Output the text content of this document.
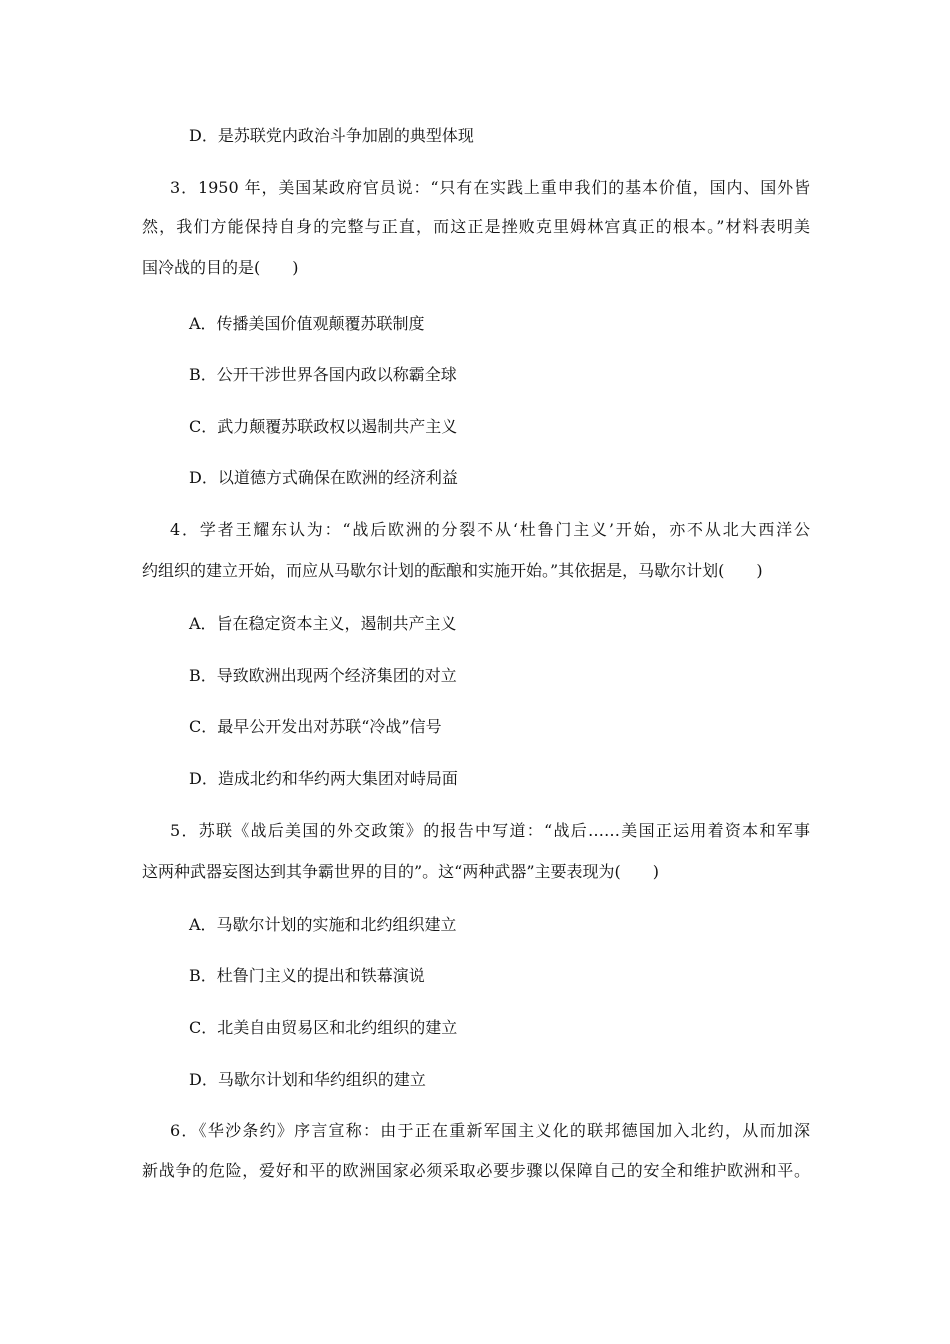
D．是苏联党内政治斗争加剧的典型体现
3．1950 年，美国某政府官员说：“只有在实践上重申我们的基本价值，国内、国外皆
然，我们方能保持自身的完整与正直，而这正是挫败克里姆林宫真正的根本。”材料表明美
国冷战的目的是(　　)
A．传播美国价值观颠覆苏联制度
B．公开干涉世界各国内政以称霸全球
C．武力颠覆苏联政权以遏制共产主义
D．以道德方式确保在欧洲的经济利益
4．学者王耀东认为：“战后欧洲的分裂不从‘杜鲁门主义’开始，亦不从北大西洋公
约组织的建立开始，而应从马歇尔计划的酝酿和实施开始。”其依据是，马歇尔计划(　　)
A．旨在稳定资本主义，遏制共产主义
B．导致欧洲出现两个经济集团的对立
C．最早公开发出对苏联“冷战”信号
D．造成北约和华约两大集团对峙局面
5．苏联《战后美国的外交政策》的报告中写道：“战后……美国正运用着资本和军事
这两种武器妄图达到其争霸世界的目的”。这“两种武器”主要表现为(　　)
A．马歇尔计划的实施和北约组织建立
B．杜鲁门主义的提出和铁幕演说
C．北美自由贸易区和北约组织的建立
D．马歇尔计划和华约组织的建立
6．《华沙条约》序言宣称：由于正在重新军国主义化的联邦德国加入北约，从而加深
新战争的危险，爱好和平的欧洲国家必须采取必要步骤以保障自己的安全和维护欧洲和平。
